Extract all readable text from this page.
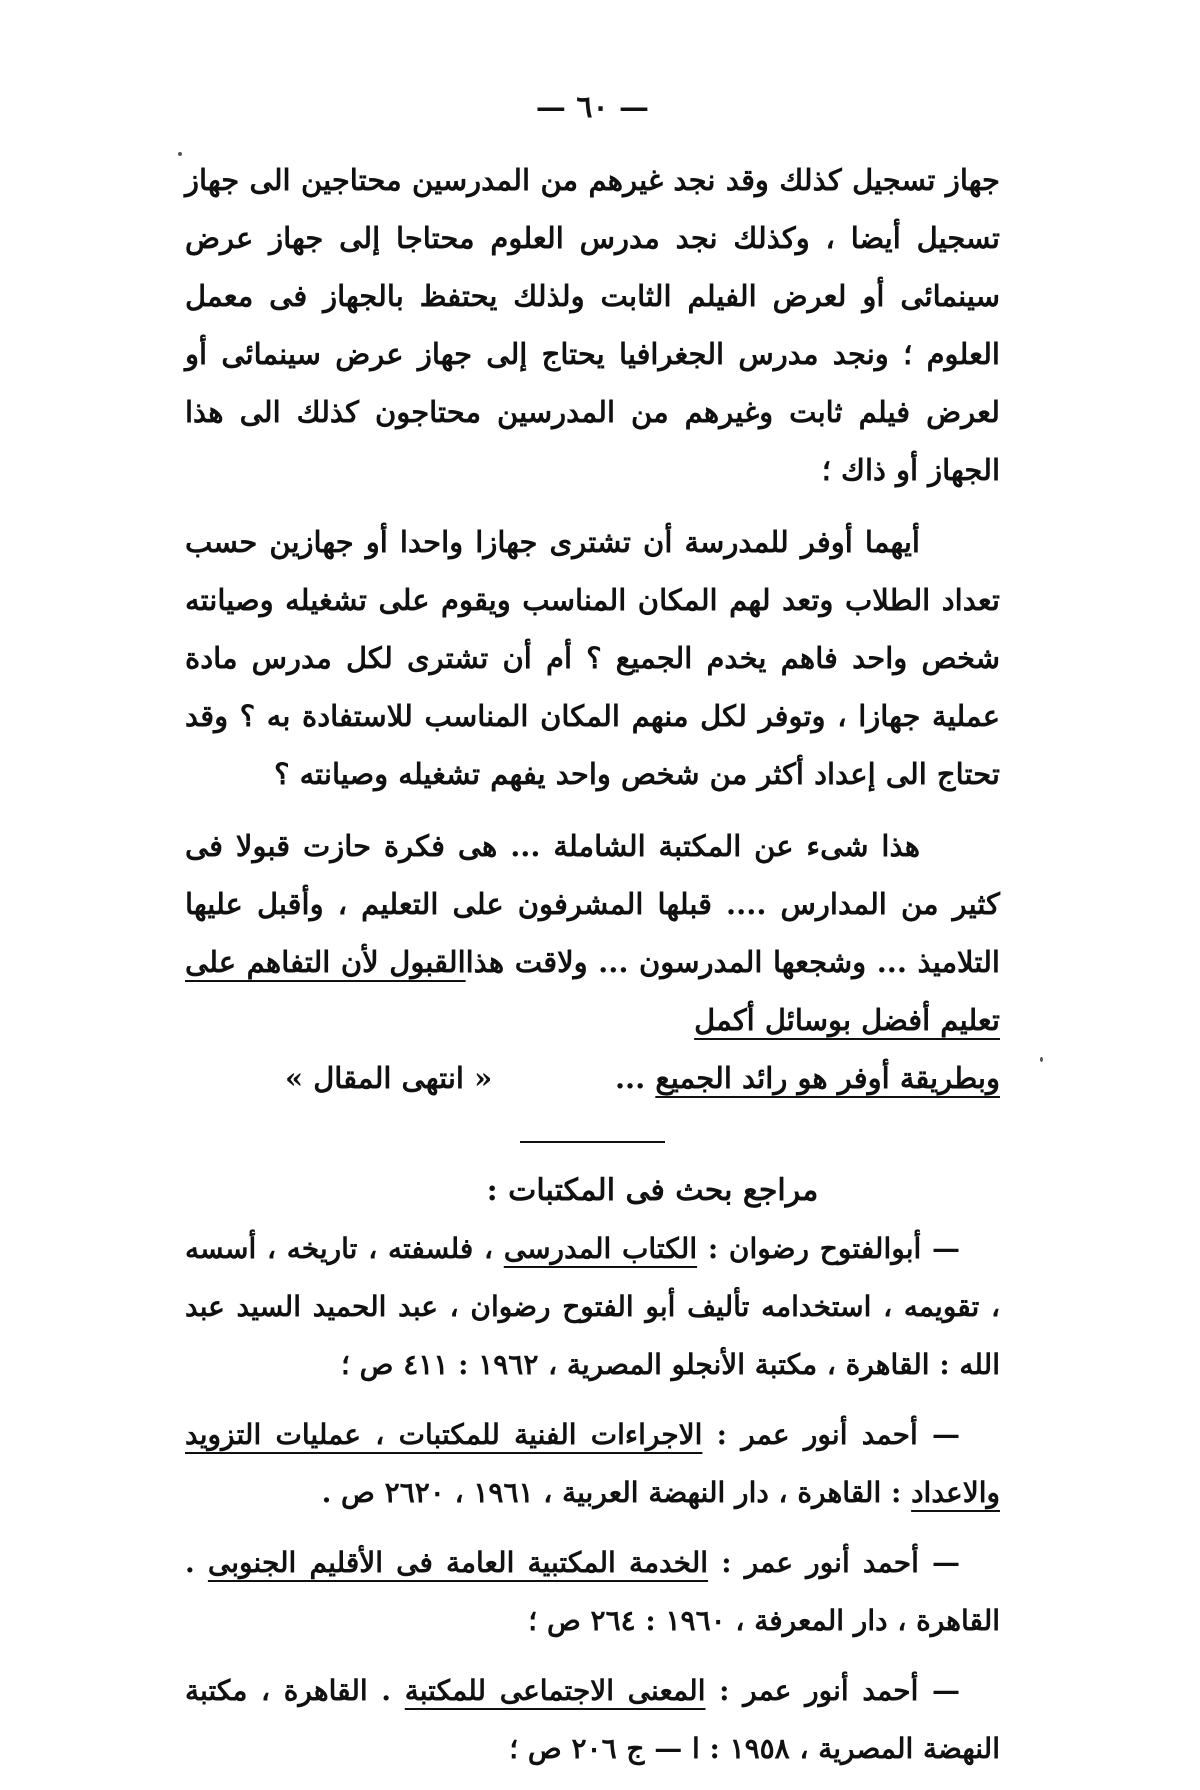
— ٦٠ —

جهاز تسجيل كذلك وقد نجد غيرهم من المدرسين محتاجين الى جهاز تسجيل أيضا ، وكذلك نجد مدرس العلوم محتاجا إلى جهاز عرض سينمائى أو لعرض الفيلم الثابت ولذلك يحتفظ بالجهاز فى معمل العلوم ؛ ونجد مدرس الجغرافيا يحتاج إلى جهاز عرض سينمائى أو لعرض فيلم ثابت وغيرهم من المدرسين محتاجون كذلك الى هذا الجهاز أو ذاك ؛

أيهما أوفر للمدرسة أن تشترى جهازا واحدا أو جهازين حسب تعداد الطلاب وتعد لهم المكان المناسب ويقوم على تشغيله وصيانته شخص واحد فاهم يخدم الجميع ؟ أم أن تشترى لكل مدرس مادة عملية جهازا ، وتوفر لكل منهم المكان المناسب للاستفادة به ؟ وقد تحتاج الى إعداد أكثر من شخص واحد يفهم تشغيله وصيانته ؟

هذا شىء عن المكتبة الشاملة ... هى فكرة حازت قبولا فى كثير من المدارس .... قبلها المشرفون على التعليم ، وأقبل عليها التلاميذ ... وشجعها المدرسون ... ولاقت هذاالقبول لأن التفاهم على تعليم أفضل بوسائل أكمل

وبطريقة أوفر هو رائد الجميع ...
« انتهى المقال »
مراجع بحث فى المكتبات :

— أبوالفتوح رضوان : الكتاب المدرسى ، فلسفته ، تاريخه ، أسسه ، تقويمه ، استخدامه تأليف أبو الفتوح رضوان ، عبد الحميد السيد عبد الله : القاهرة ، مكتبة الأنجلو المصرية ، ١٩٦٢ : ٤١١ ص ؛

— أحمد أنور عمر : الاجراءات الفنية للمكتبات ، عمليات التزويد والاعداد : القاهرة ، دار النهضة العربية ، ١٩٦١ ، ٢٦٢٠ ص .

— أحمد أنور عمر : الخدمة المكتبية العامة فى الأقليم الجنوبى . القاهرة ، دار المعرفة ، ١٩٦٠ : ٢٦٤ ص ؛

— أحمد أنور عمر : المعنى الاجتماعى للمكتبة . القاهرة ، مكتبة النهضة المصرية ، ١٩٥٨ : ا — ج ٢٠٦ ص ؛
